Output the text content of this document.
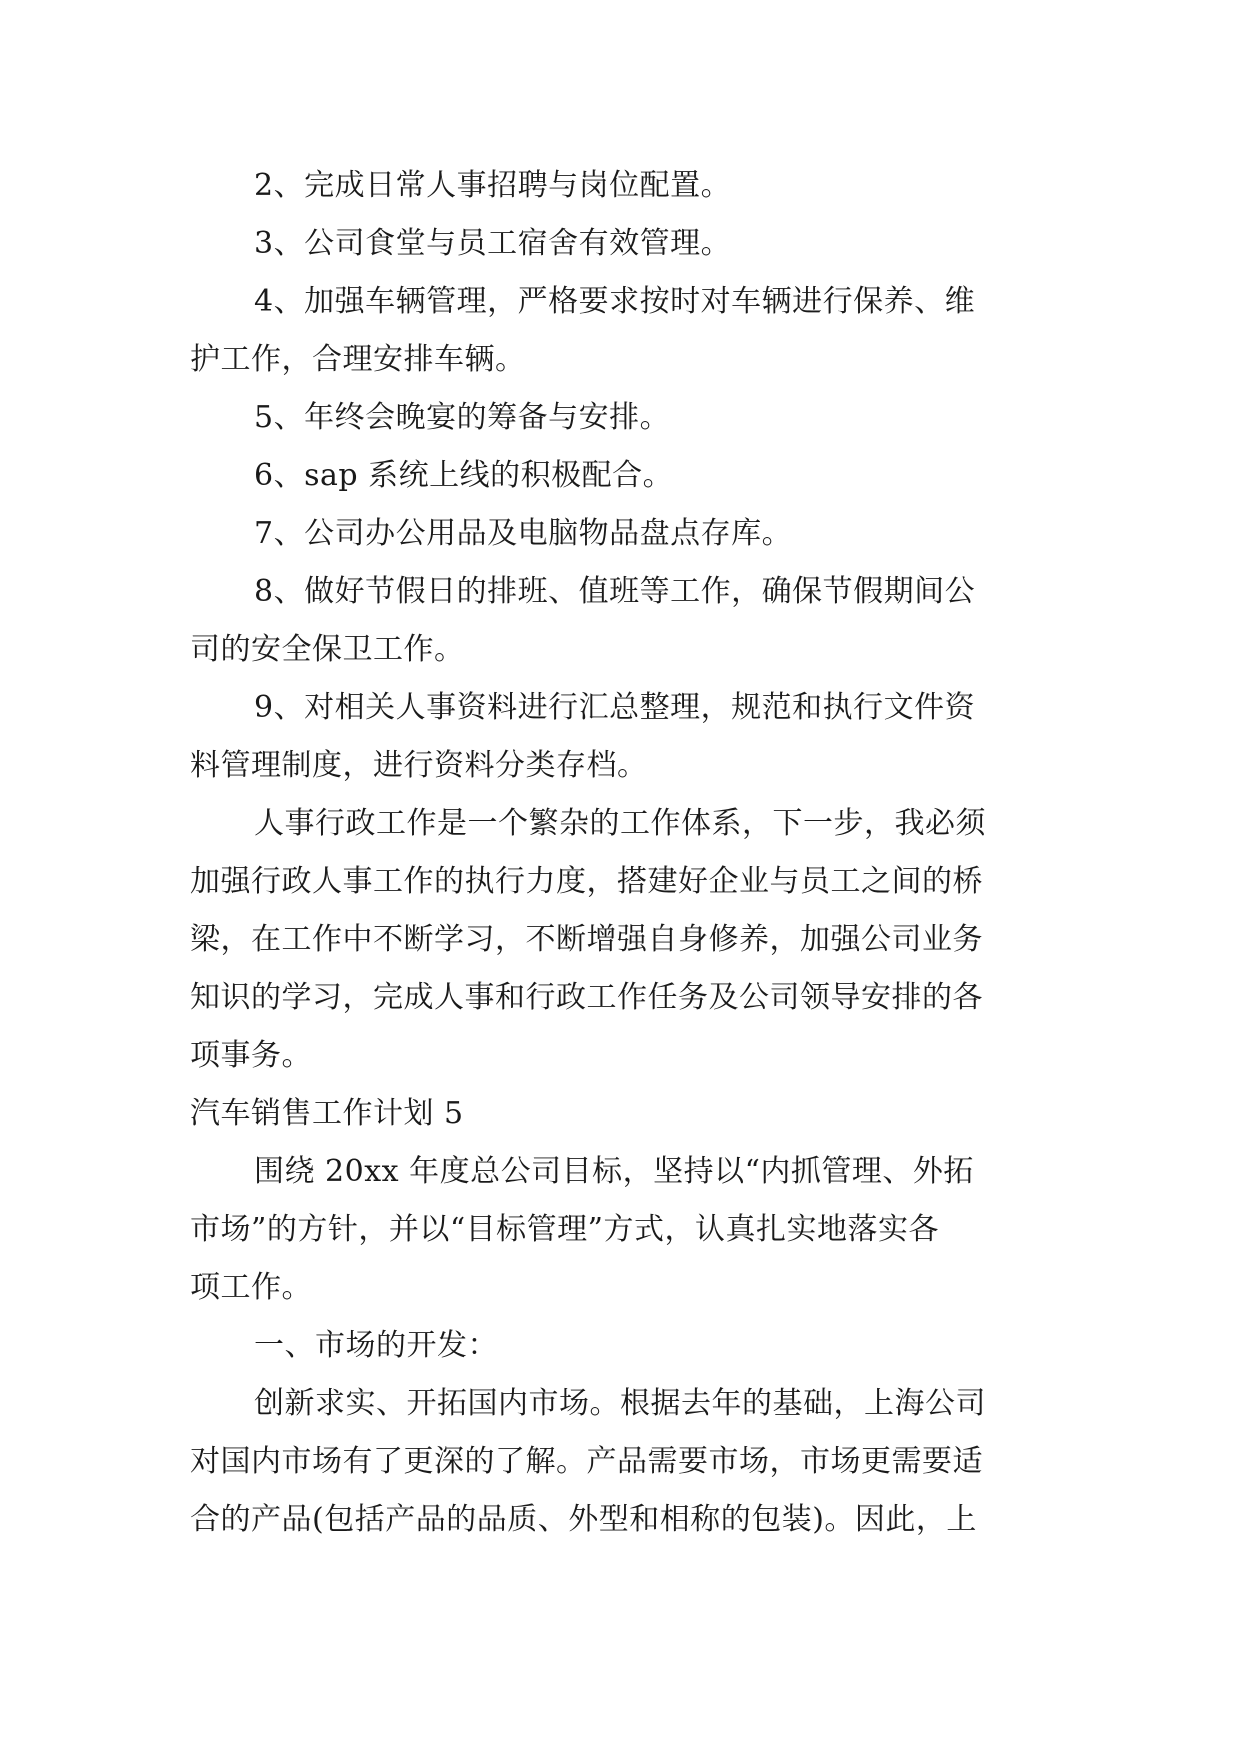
2、完成日常人事招聘与岗位配置。
3、公司食堂与员工宿舍有效管理。
4、加强车辆管理，严格要求按时对车辆进行保养、维
护工作，合理安排车辆。
5、年终会晚宴的筹备与安排。
6、sap 系统上线的积极配合。
7、公司办公用品及电脑物品盘点存库。
8、做好节假日的排班、值班等工作，确保节假期间公
司的安全保卫工作。
9、对相关人事资料进行汇总整理，规范和执行文件资
料管理制度，进行资料分类存档。
人事行政工作是一个繁杂的工作体系，下一步，我必须
加强行政人事工作的执行力度，搭建好企业与员工之间的桥
梁，在工作中不断学习，不断增强自身修养，加强公司业务
知识的学习，完成人事和行政工作任务及公司领导安排的各
项事务。
汽车销售工作计划 5
围绕 20xx 年度总公司目标，坚持以“内抓管理、外拓
市场”的方针，并以“目标管理”方式，认真扎实地落实各
项工作。
一、市场的开发：
创新求实、开拓国内市场。根据去年的基础，上海公司
对国内市场有了更深的了解。产品需要市场，市场更需要适
合的产品(包括产品的品质、外型和相称的包装)。因此，上
